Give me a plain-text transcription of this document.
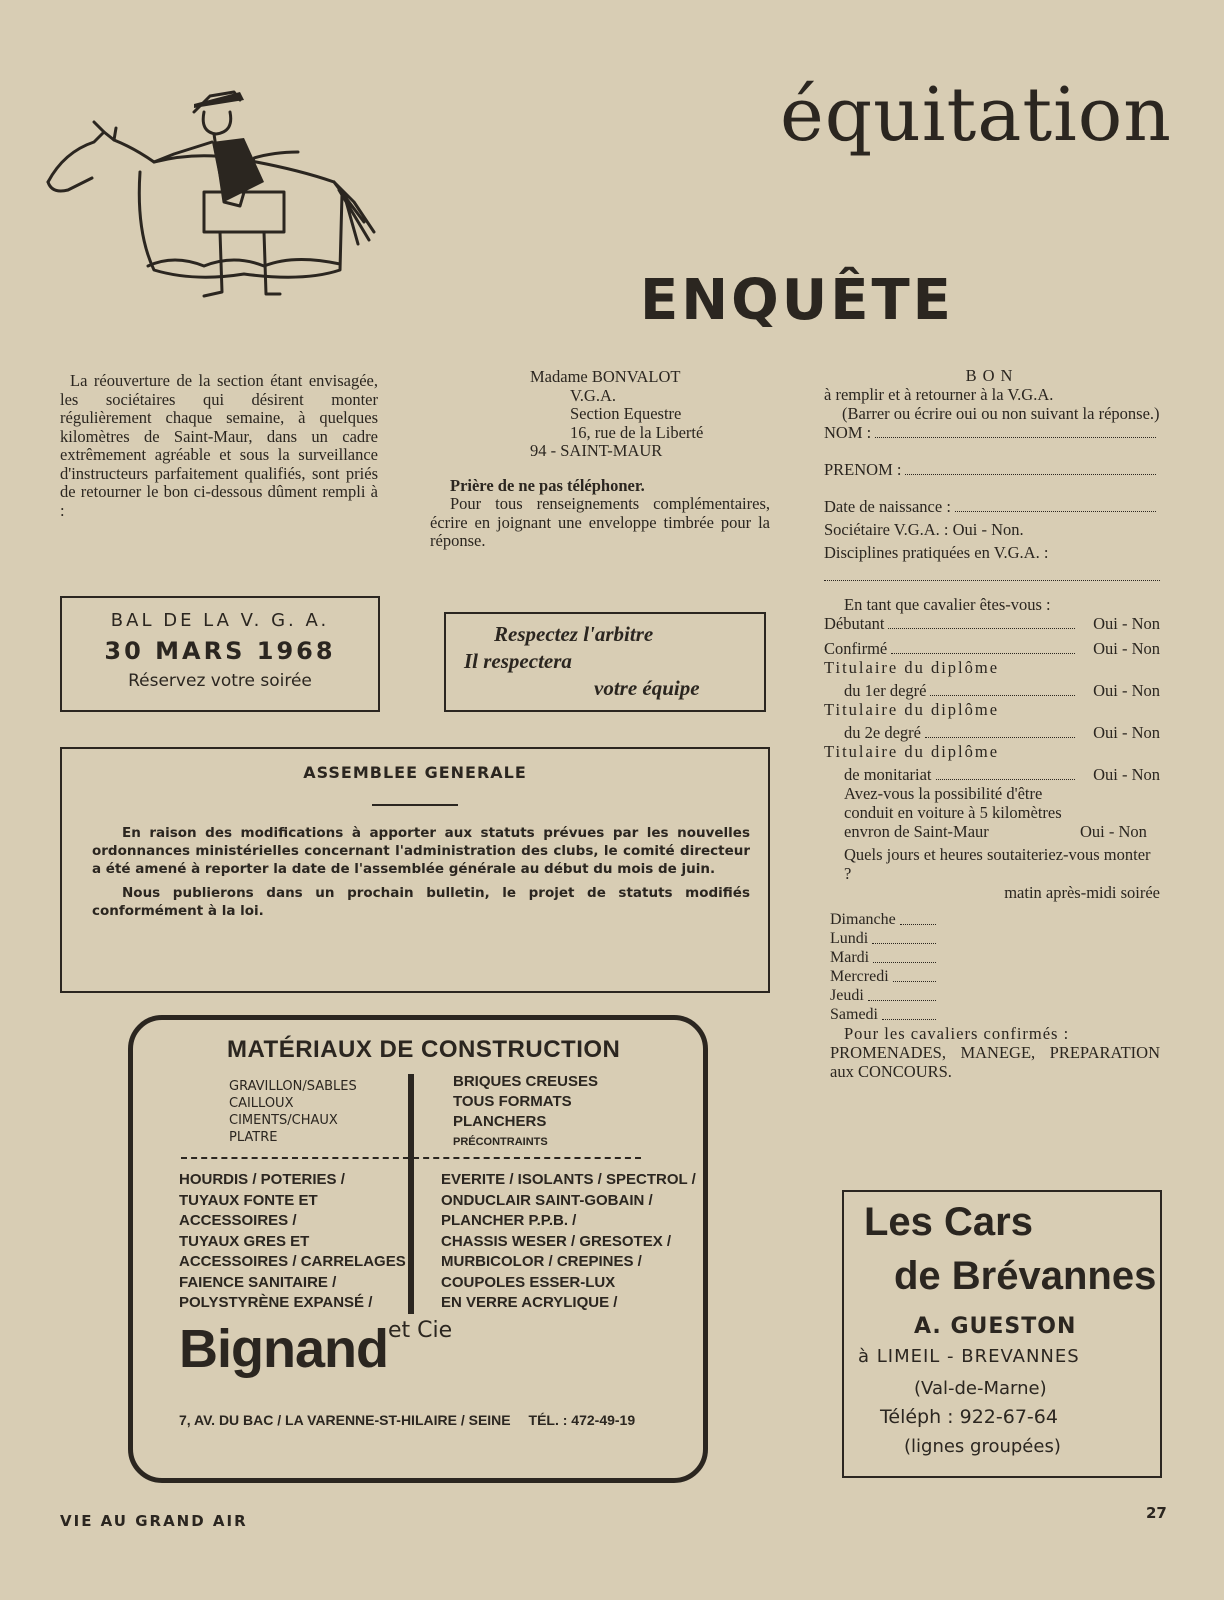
équitation
ENQUÊTE

La réouverture de la section étant envisagée, les sociétaires qui désirent monter régulièrement chaque semaine, à quelques kilomètres de Saint-Maur, dans un cadre extrêmement agréable et sous la surveillance d'instructeurs parfaitement qualifiés, sont priés de retourner le bon ci-dessous dûment rempli à :

Madame BONVALOT
V.G.A.
Section Equestre
16, rue de la Liberté
94 - SAINT-MAUR
Prière de ne pas téléphoner.

Pour tous renseignements complémentaires, écrire en joignant une enveloppe timbrée pour la réponse.

BAL DE LA V. G. A.
30 MARS 1968
Réservez votre soirée
Respectez l'arbitre
Il respectera
votre équipe
ASSEMBLEE GENERALE

En raison des modifications à apporter aux statuts prévues par les nouvelles ordonnances ministérielles concernant l'administration des clubs, le comité directeur a été amené à reporter la date de l'assemblée générale au début du mois de juin.

Nous publierons dans un prochain bulletin, le projet de statuts modifiés conformément à la loi.

BON
à remplir et à retourner à la V.G.A.
(Barrer ou écrire oui ou non suivant la réponse.)
NOM :
PRENOM :
Date de naissance :
Sociétaire V.G.A. : Oui - Non.
Disciplines pratiquées en V.G.A. :
En tant que cavalier êtes-vous :
Débutant	Oui - Non
Confirmé	Oui - Non
Titulaire du diplôme
du 1er degré	Oui - Non
Titulaire du diplôme
du 2e degré	Oui - Non
Titulaire du diplôme
de monitariat	Oui - Non
Avez-vous la possibilité d'être conduit en voiture à 5 kilomètres envron de Saint-Maur	Oui - Non
Quels jours et heures soutaiteriez-vous monter ?
matin après-midi soirée
Dimanche
Lundi
Mardi
Mercredi
Jeudi
Samedi
Pour les cavaliers confirmés :
PROMENADES, MANEGE, PREPARATION aux CONCOURS.
MATÉRIAUX DE CONSTRUCTION
GRAVILLON/SABLES
CAILLOUX
CIMENTS/CHAUX
PLATRE
BRIQUES CREUSES
TOUS FORMATS
PLANCHERS
PRÉCONTRAINTS
HOURDIS / POTERIES /
TUYAUX FONTE ET
ACCESSOIRES /
TUYAUX GRES ET
ACCESSOIRES / CARRELAGES
FAIENCE SANITAIRE /
POLYSTYRÈNE EXPANSÉ /
EVERITE / ISOLANTS / SPECTROL /
ONDUCLAIR SAINT-GOBAIN /
PLANCHER P.P.B. /
CHASSIS WESER / GRESOTEX /
MURBICOLOR / CREPINES /
COUPOLES ESSER-LUX
EN VERRE ACRYLIQUE /
Bignandet Cie
7, AV. DU BAC / LA VARENNE-ST-HILAIRE / SEINE TÉL. : 472-49-19
Les Cars
de Brévannes
A. GUESTON
à LIMEIL - BREVANNES
(Val-de-Marne)
Téléph : 922-67-64
(lignes groupées)
VIE AU GRAND AIR	27
